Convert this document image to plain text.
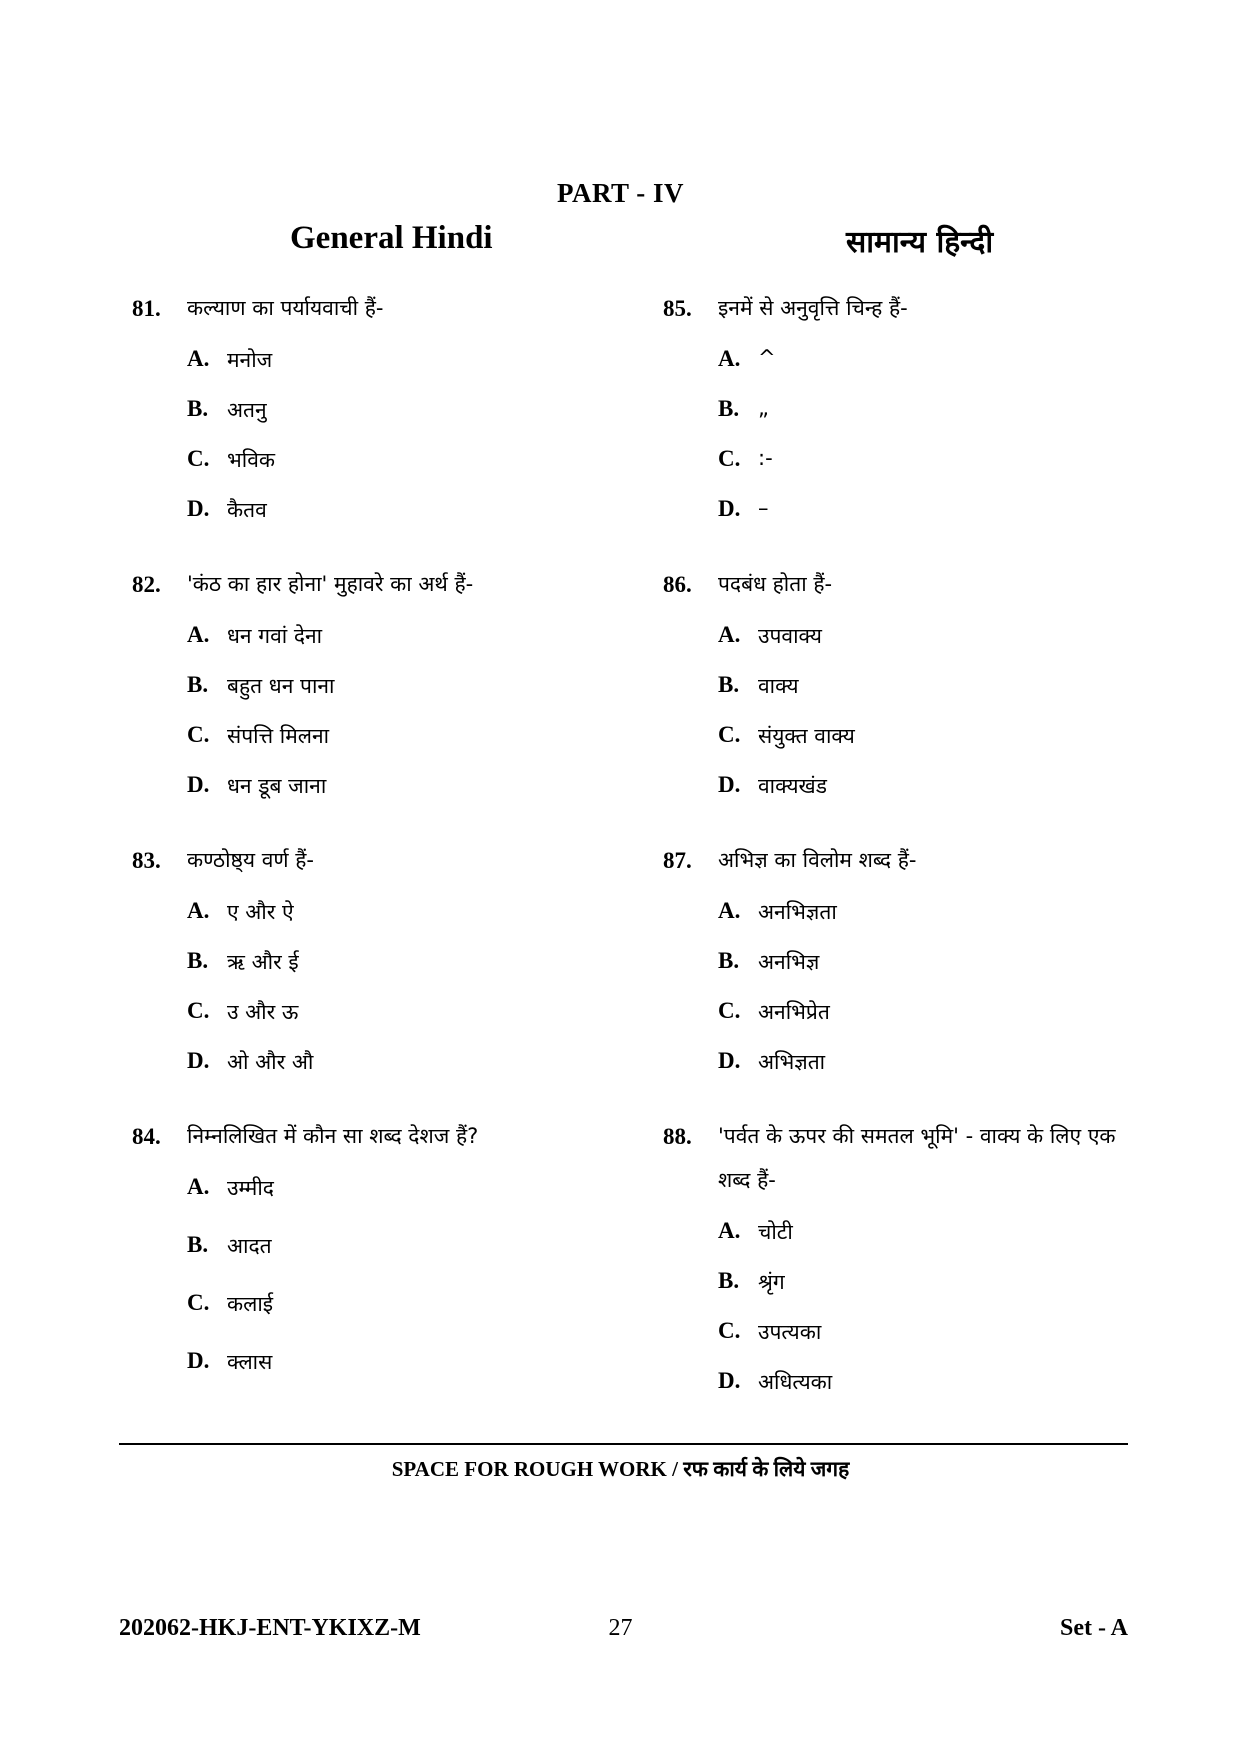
PART - IV
General Hindi	सामान्य हिन्दी
81. कल्याण का पर्यायवाची हैं-
A. मनोज
B. अतनु
C. भविक
D. कैतव
82. 'कंठ का हार होना' मुहावरे का अर्थ हैं-
A. धन गवां देना
B. बहुत धन पाना
C. संपत्ति मिलना
D. धन डूब जाना
83. कण्ठोष्ठ्य वर्ण हैं-
A. ए और ऐ
B. ऋ और ई
C. उ और ऊ
D. ओ और औ
84. निम्नलिखित में कौन सा शब्द देशज हैं?
A. उम्मीद
B. आदत
C. कलाई
D. क्लास
85. इनमें से अनुवृत्ति चिन्ह हैं-
A. ^
B. „
C. :-
D. –
86. पदबंध होता हैं-
A. उपवाक्य
B. वाक्य
C. संयुक्त वाक्य
D. वाक्यखंड
87. अभिज्ञ का विलोम शब्द हैं-
A. अनभिज्ञता
B. अनभिज्ञ
C. अनभिप्रेत
D. अभिज्ञता
88. 'पर्वत के ऊपर की समतल भूमि' - वाक्य के लिए एक शब्द हैं-
A. चोटी
B. श्रृंग
C. उपत्यका
D. अधित्यका
SPACE FOR ROUGH WORK / रफ कार्य के लिये जगह
202062-HKJ-ENT-YKIXZ-M	27	Set - A
